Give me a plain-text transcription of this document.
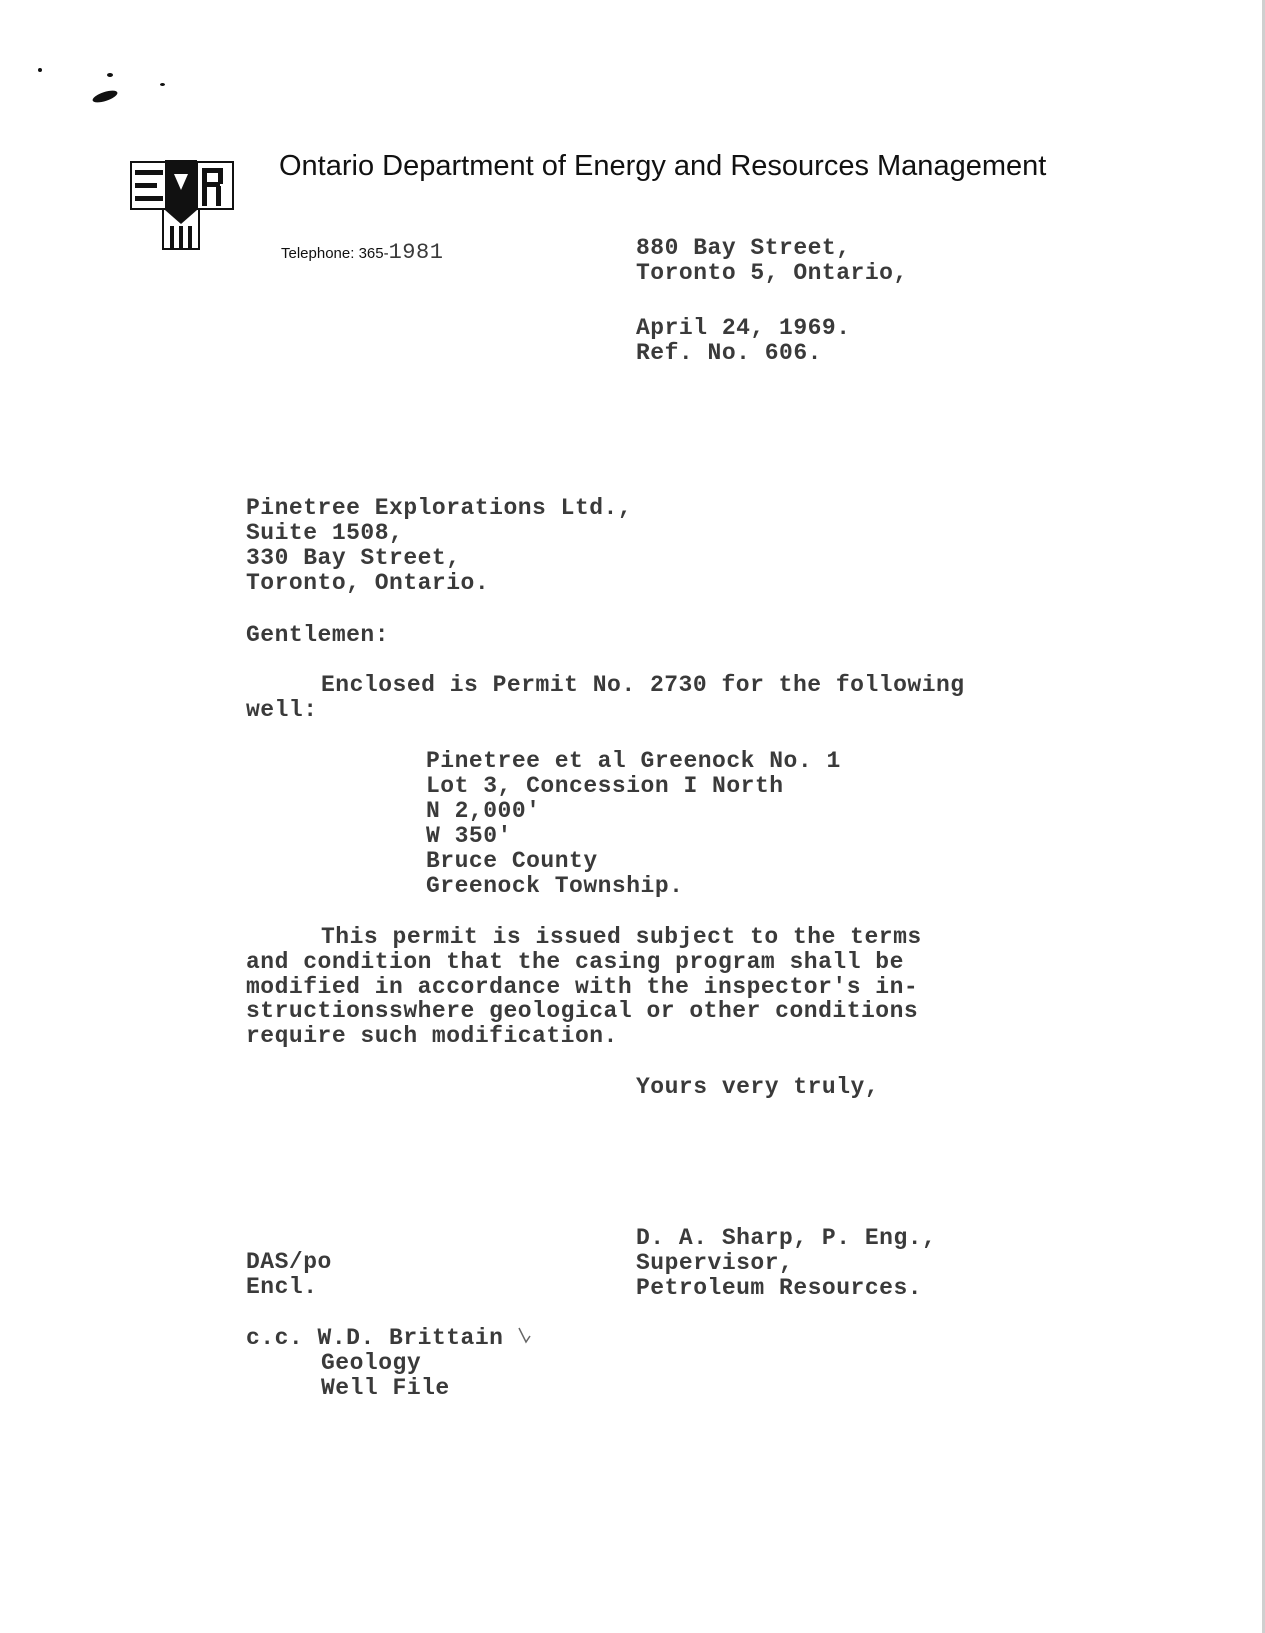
Ontario Department of Energy and Resources Management
Telephone: 365-1981	880 Bay Street,
Toronto 5, Ontario,
April 24, 1969.
Ref. No. 606.
Pinetree Explorations Ltd.,
Suite 1508,
330 Bay Street,
Toronto, Ontario.
Gentlemen:
Enclosed is Permit No. 2730 for the following
well:
Pinetree et al Greenock No. 1
Lot 3, Concession I North
N 2,000'
W 350'
Bruce County
Greenock Township.
This permit is issued subject to the terms
and condition that the casing program shall be
modified in accordance with the inspector's in-
structionsswhere geological or other conditions
require such modification.
Yours very truly,
D. A. Sharp, P. Eng.,
Supervisor,
Petroleum Resources.
DAS/po
Encl.
c.c. W.D. Brittain
Geology
Well File
